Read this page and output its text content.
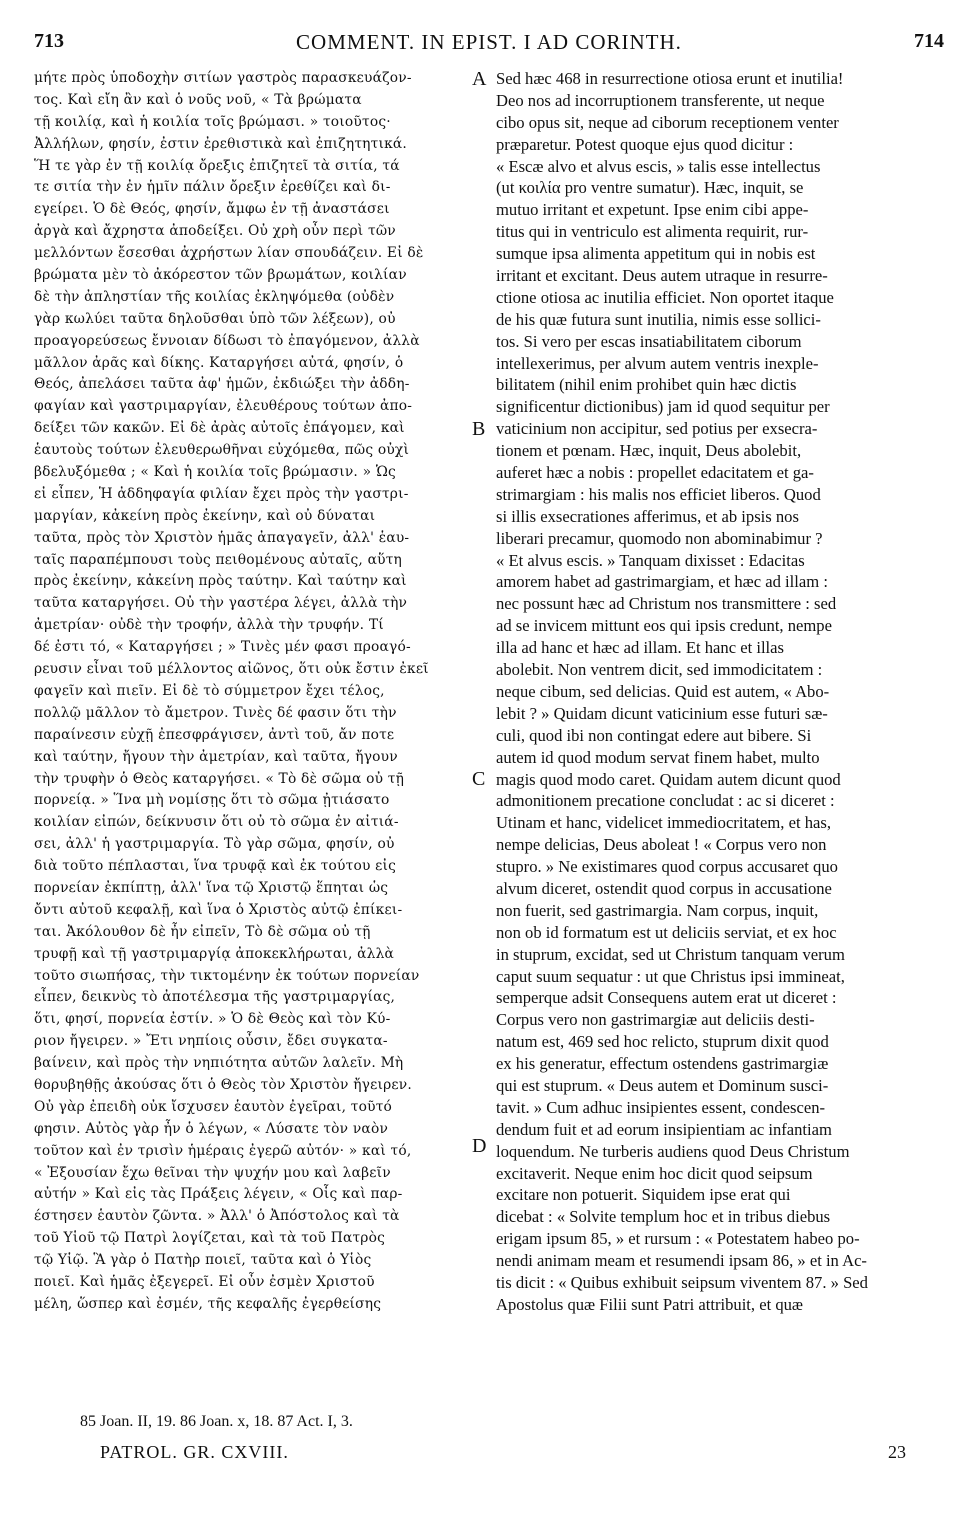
713	COMMENT. IN EPIST. I AD CORINTH.	714
μήτε πρὸς ὑποδοχὴν σιτίων γαστρὸς παρασκευάζον-
τος. Καὶ εἴη ἂν καὶ ὁ νοῦς νοῦ, « Τὰ βρώματα
τῇ κοιλίᾳ, καὶ ἡ κοιλία τοῖς βρώμασι. » τοιοῦτος·
Ἀλλήλων, φησίν, ἐστιν ἐρεθιστικὰ καὶ ἐπιζητητικά.
Ἥ τε γὰρ ἐν τῇ κοιλίᾳ ὄρεξις ἐπιζητεῖ τὰ σιτία, τά
τε σιτία τὴν ἐν ἡμῖν πάλιν ὄρεξιν ἐρεθίζει καὶ δι-
εγείρει. Ὁ δὲ Θεός, φησίν, ἄμφω ἐν τῇ ἀναστάσει
ἀργὰ καὶ ἄχρηστα ἀποδείξει. Οὐ χρὴ οὖν περὶ τῶν
μελλόντων ἔσεσθαι ἀχρήστων λίαν σπουδάζειν. Εἰ δὲ
βρώματα μὲν τὸ ἀκόρεστον τῶν βρωμάτων, κοιλίαν
δὲ τὴν ἀπληστίαν τῆς κοιλίας ἐκληψόμεθα (οὐδὲν
γὰρ κωλύει ταῦτα δηλοῦσθαι ὑπὸ τῶν λέξεων), οὐ
προαγορεύσεως ἔννοιαν δίδωσι τὸ ἐπαγόμενον, ἀλλὰ
μᾶλλον ἀρᾶς καὶ δίκης. Καταργήσει αὐτά, φησίν, ὁ
Θεός, ἀπελάσει ταῦτα ἀφ' ἡμῶν, ἐκδιώξει τὴν ἀδδη-
φαγίαν καὶ γαστριμαργίαν, ἐλευθέρους τούτων ἀπο-
δείξει τῶν κακῶν. Εἰ δὲ ἀρὰς αὐτοῖς ἐπάγομεν, καὶ
ἑαυτοὺς τούτων ἐλευθερωθῆναι εὐχόμεθα, πῶς οὐχὶ
βδελυξόμεθα ; « Καὶ ἡ κοιλία τοῖς βρώμασιν. » Ὡς
εἰ εἶπεν, Ἡ ἀδδηφαγία φιλίαν ἔχει πρὸς τὴν γαστρι-
μαργίαν, κἀκείνη πρὸς ἐκείνην, καὶ οὐ δύναται
ταῦτα, πρὸς τὸν Χριστὸν ἡμᾶς ἀπαγαγεῖν, ἀλλ' ἑαυ-
ταῖς παραπέμπουσι τοὺς πειθομένους αὐταῖς, αὕτη
πρὸς ἐκείνην, κἀκείνη πρὸς ταύτην. Καὶ ταύτην καὶ
ταῦτα καταργήσει. Οὐ τὴν γαστέρα λέγει, ἀλλὰ τὴν
ἀμετρίαν· οὐδὲ τὴν τροφήν, ἀλλὰ τὴν τρυφήν. Τί
δέ ἐστι τό, « Καταργήσει ; » Τινὲς μέν φασι προαγό-
ρευσιν εἶναι τοῦ μέλλοντος αἰῶνος, ὅτι οὐκ ἔστιν ἐκεῖ
φαγεῖν καὶ πιεῖν. Εἰ δὲ τὸ σύμμετρον ἔχει τέλος,
πολλῷ μᾶλλον τὸ ἄμετρον. Τινὲς δέ φασιν ὅτι τὴν
παραίνεσιν εὐχῇ ἐπεσφράγισεν, ἀντὶ τοῦ, ἄν ποτε
καὶ ταύτην, ἤγουν τὴν ἀμετρίαν, καὶ ταῦτα, ἤγουν
τὴν τρυφὴν ὁ Θεὸς καταργήσει. « Τὸ δὲ σῶμα οὐ τῇ
πορνείᾳ. » Ἵνα μὴ νομίσῃς ὅτι τὸ σῶμα ᾐτιάσατο
κοιλίαν εἰπών, δείκνυσιν ὅτι οὐ τὸ σῶμα ἐν αἰτιά-
σει, ἀλλ' ἡ γαστριμαργία. Τὸ γὰρ σῶμα, φησίν, οὐ
διὰ τοῦτο πέπλασται, ἵνα τρυφᾷ καὶ ἐκ τούτου εἰς
πορνείαν ἐκπίπτῃ, ἀλλ' ἵνα τῷ Χριστῷ ἕπηται ὡς
ὄντι αὐτοῦ κεφαλῇ, καὶ ἵνα ὁ Χριστὸς αὐτῷ ἐπίκει-
ται. Ἀκόλουθον δὲ ἦν εἰπεῖν, Τὸ δὲ σῶμα οὐ τῇ
τρυφῇ καὶ τῇ γαστριμαργίᾳ ἀποκεκλήρωται, ἀλλὰ
τοῦτο σιωπήσας, τὴν τικτομένην ἐκ τούτων πορνείαν
εἶπεν, δεικνὺς τὸ ἀποτέλεσμα τῆς γαστριμαργίας,
ὅτι, φησί, πορνεία ἐστίν. » Ὁ δὲ Θεὸς καὶ τὸν Κύ-
ριον ἤγειρεν. » Ἔτι νηπίοις οὖσιν, ἔδει συγκατα-
βαίνειν, καὶ πρὸς τὴν νηπιότητα αὐτῶν λαλεῖν. Μὴ
θορυβηθῇς ἀκούσας ὅτι ὁ Θεὸς τὸν Χριστὸν ἤγειρεν.
Οὐ γὰρ ἐπειδὴ οὐκ ἴσχυσεν ἑαυτὸν ἐγεῖραι, τοῦτό
φησιν. Αὐτὸς γὰρ ἦν ὁ λέγων, « Λύσατε τὸν ναὸν
τοῦτον καὶ ἐν τρισὶν ἡμέραις ἐγερῶ αὐτόν· » καὶ τό,
« Ἐξουσίαν ἔχω θεῖναι τὴν ψυχήν μου καὶ λαβεῖν
αὐτήν » Καὶ εἰς τὰς Πράξεις λέγειν, « Οἷς καὶ παρ-
έστησεν ἑαυτὸν ζῶντα. » Ἀλλ' ὁ Ἀπόστολος καὶ τὰ
τοῦ Υἱοῦ τῷ Πατρὶ λογίζεται, καὶ τὰ τοῦ Πατρὸς
τῷ Υἱῷ. Ἃ γὰρ ὁ Πατὴρ ποιεῖ, ταῦτα καὶ ὁ Υἱὸς
ποιεῖ. Καὶ ἡμᾶς ἐξεγερεῖ. Εἰ οὖν ἐσμὲν Χριστοῦ
μέλη, ὥσπερ καὶ ἐσμέν, τῆς κεφαλῆς ἐγερθείσης
Sed hæc 468 in resurrectione otiosa erunt et inutilia!
Deo nos ad incorruptionem transferente, ut neque
cibo opus sit, neque ad ciborum receptionem venter
præparetur. Potest quoque ejus quod dicitur :
« Escæ alvo et alvus escis, » talis esse intellectus
(ut κοιλία pro ventre sumatur). Hæc, inquit, se
mutuo irritant et expetunt. Ipse enim cibi appe-
titus qui in ventriculo est alimenta requirit, rur-
sumque ipsa alimenta appetitum qui in nobis est
irritant et excitant. Deus autem utraque in resurre-
ctione otiosa ac inutilia efficiet. Non oportet itaque
de his quæ futura sunt inutilia, nimis esse sollici-
tos. Si vero per escas insatiabilitatem ciborum
intellexerimus, per alvum autem ventris inexple-
bilitatem (nihil enim prohibet quin hæc dictis
significentur dictionibus) jam id quod sequitur per
vaticinium non accipitur, sed potius per exsecra-
tionem et pœnam. Hæc, inquit, Deus abolebit,
auferet hæc a nobis : propellet edacitatem et ga-
strimargiam : his malis nos efficiet liberos. Quod
si illis exsecrationes afferimus, et ab ipsis nos
liberari precamur, quomodo non abominabimur ?
« Et alvus escis. » Tanquam dixisset : Edacitas
amorem habet ad gastrimargiam, et hæc ad illam :
nec possunt hæc ad Christum nos transmittere : sed
ad se invicem mittunt eos qui ipsis credunt, nempe
illa ad hanc et hæc ad illam. Et hanc et illas
abolebit. Non ventrem dicit, sed immodicitatem :
neque cibum, sed delicias. Quid est autem, « Abo-
lebit ? » Quidam dicunt vaticinium esse futuri sæ-
culi, quod ibi non contingat edere aut bibere. Si
autem id quod modum servat finem habet, multo
magis quod modo caret. Quidam autem dicunt quod
admonitionem precatione concludat : ac si diceret :
Utinam et hanc, videlicet immediocritatem, et has,
nempe delicias, Deus aboleat ! « Corpus vero non
stupro. » Ne existimares quod corpus accusaret quo
alvum diceret, ostendit quod corpus in accusatione
non fuerit, sed gastrimargia. Nam corpus, inquit,
non ob id formatum est ut deliciis serviat, et ex hoc
in stuprum, excidat, sed ut Christum tanquam verum
caput suum sequatur : ut que Christus ipsi immineat,
semperque adsit Consequens autem erat ut diceret :
Corpus vero non gastrimargiæ aut deliciis desti-
natum est, 469 sed hoc relicto, stuprum dixit quod
ex his generatur, effectum ostendens gastrimargiæ
qui est stuprum. « Deus autem et Dominum susci-
tavit. » Cum adhuc insipientes essent, condescen-
dendum fuit et ad eorum insipientiam ac infantiam
loquendum. Ne turberis audiens quod Deus Christum
excitaverit. Neque enim hoc dicit quod seipsum
excitare non potuerit. Siquidem ipse erat qui
dicebat : « Solvite templum hoc et in tribus diebus
erigam ipsum 85, » et rursum : « Potestatem habeo po-
nendi animam meam et resumendi ipsam 86, » et in Ac-
tis dicit : « Quibus exhibuit seipsum viventem 87. » Sed
Apostolus quæ Filii sunt Patri attribuit, et quæ
A
B
C
D
85 Joan. II, 19. 86 Joan. x, 18. 87 Act. I, 3.
PATROL. GR. CXVIII.	23
